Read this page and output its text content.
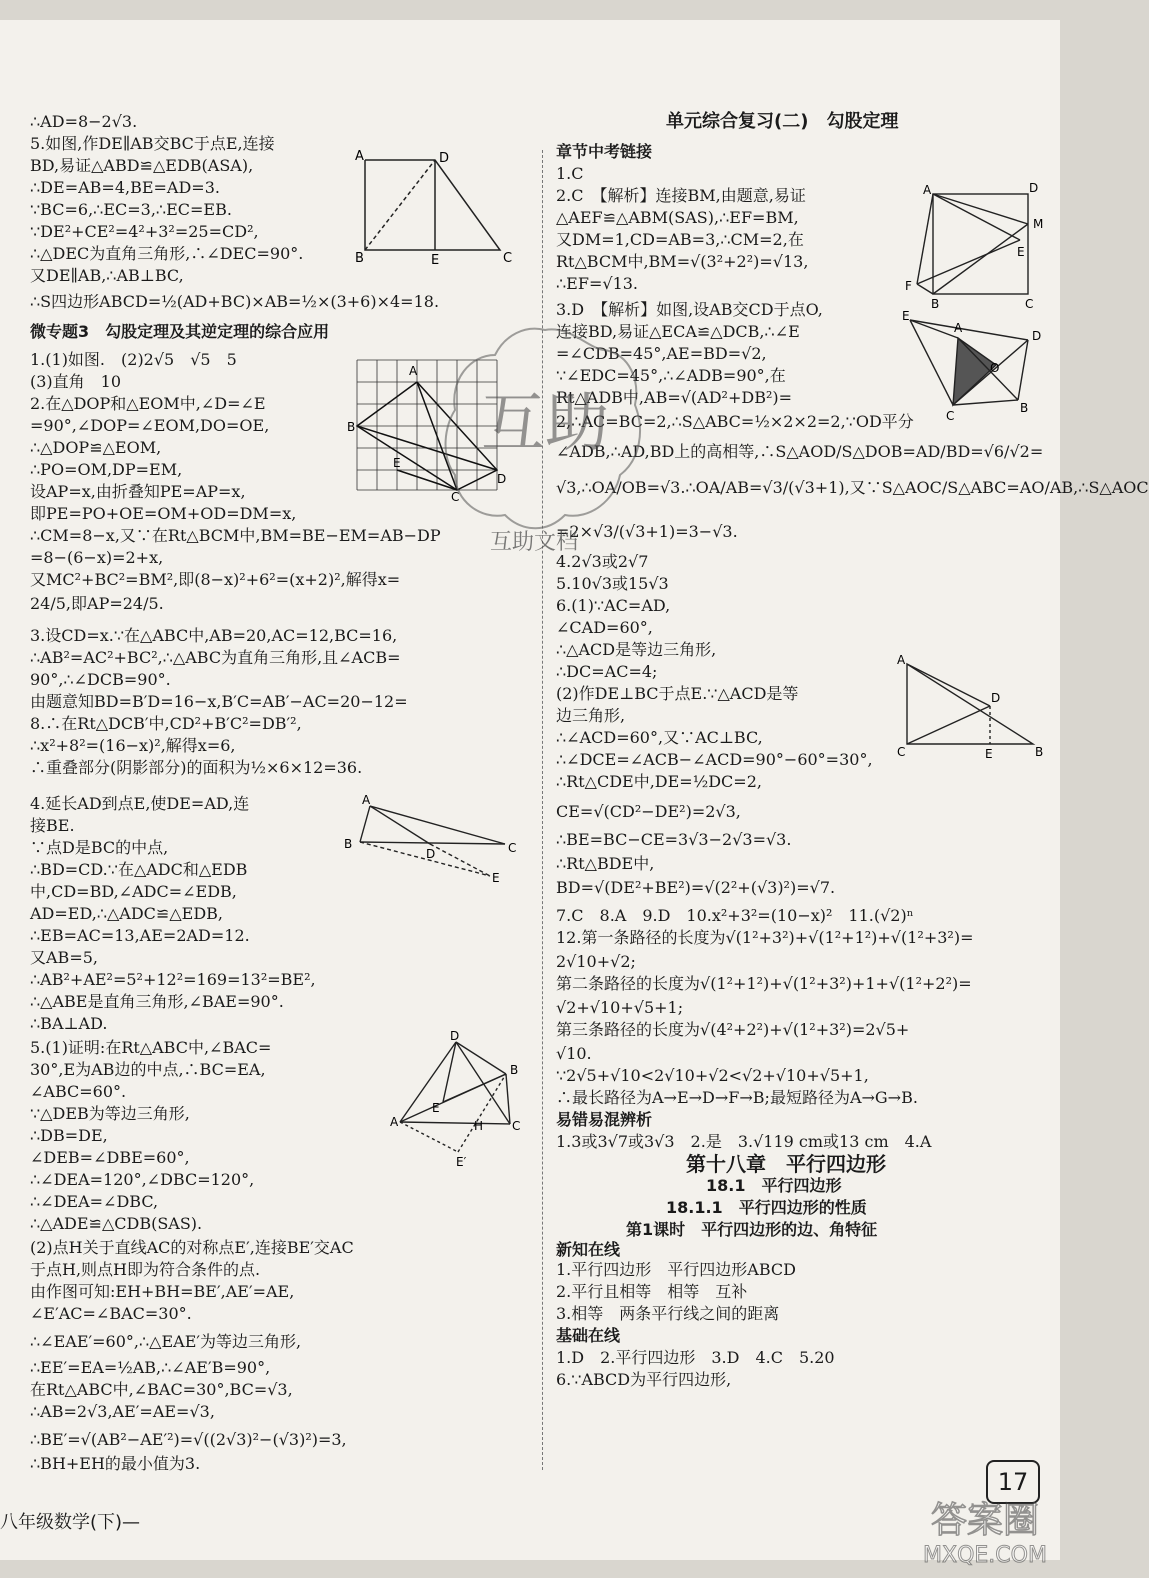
∴AD=8−2√3.
5.如图,作DE∥AB交BC于点E,连接
BD,易证△ABD≌△EDB(ASA),
∴DE=AB=4,BE=AD=3.
∵BC=6,∴EC=3,∴EC=EB.
∵DE²+CE²=4²+3²=25=CD²,
∴△DEC为直角三角形,∴∠DEC=90°.
又DE∥AB,∴AB⊥BC,
∴S四边形ABCD=½(AD+BC)×AB=½×(3+6)×4=18.
微专题3　勾股定理及其逆定理的综合应用
1.(1)如图.　(2)2√5　√5　5
(3)直角　10
2.在△DOP和△EOM中,∠D=∠E
=90°,∠DOP=∠EOM,DO=OE,
∴△DOP≌△EOM,
∴PO=OM,DP=EM,
设AP=x,由折叠知PE=AP=x,
即PE=PO+OE=OM+OD=DM=x,
∴CM=8−x,又∵在Rt△BCM中,BM=BE−EM=AB−DP
=8−(6−x)=2+x,
又MC²+BC²=BM²,即(8−x)²+6²=(x+2)²,解得x=
24/5,即AP=24/5.
3.设CD=x.∵在△ABC中,AB=20,AC=12,BC=16,
∴AB²=AC²+BC²,∴△ABC为直角三角形,且∠ACB=
90°,∴∠DCB=90°.
由题意知BD=B′D=16−x,B′C=AB′−AC=20−12=
8.∴在Rt△DCB′中,CD²+B′C²=DB′²,
∴x²+8²=(16−x)²,解得x=6,
∴重叠部分(阴影部分)的面积为½×6×12=36.
4.延长AD到点E,使DE=AD,连
接BE.
∵点D是BC的中点,
∴BD=CD.∵在△ADC和△EDB
中,CD=BD,∠ADC=∠EDB,
AD=ED,∴△ADC≌△EDB,
∴EB=AC=13,AE=2AD=12.
又AB=5,
∴AB²+AE²=5²+12²=169=13²=BE²,
∴△ABE是直角三角形,∠BAE=90°.
∴BA⊥AD.
5.(1)证明:在Rt△ABC中,∠BAC=
30°,E为AB边的中点,∴BC=EA,
∠ABC=60°.
∵△DEB为等边三角形,
∴DB=DE,
∠DEB=∠DBE=60°,
∴∠DEA=120°,∠DBC=120°,
∴∠DEA=∠DBC,
∴△ADE≌△CDB(SAS).
(2)点H关于直线AC的对称点E′,连接BE′交AC
于点H,则点H即为符合条件的点.
由作图可知:EH+BH=BE′,AE′=AE,
∠E′AC=∠BAC=30°.
∴∠EAE′=60°,∴△EAE′为等边三角形,
∴EE′=EA=½AB,∴∠AE′B=90°,
在Rt△ABC中,∠BAC=30°,BC=√3,
∴AB=2√3,AE′=AE=√3,
∴BE′=√(AB²−AE′²)=√((2√3)²−(√3)²)=3,
∴BH+EH的最小值为3.
单元综合复习(二)　勾股定理
章节中考链接
1.C
2.C　【解析】连接BM,由题意,易证
△AEF≌△ABM(SAS),∴EF=BM,
又DM=1,CD=AB=3,∴CM=2,在
Rt△BCM中,BM=√(3²+2²)=√13,
∴EF=√13.
3.D　【解析】如图,设AB交CD于点O,
连接BD,易证△ECA≌△DCB,∴∠E
=∠CDB=45°,AE=BD=√2,
∵∠EDC=45°,∴∠ADB=90°,在
Rt△ADB中,AB=√(AD²+DB²)=
2,∴AC=BC=2,∴S△ABC=½×2×2=2,∵OD平分
∠ADB,∴AD,BD上的高相等,∴S△AOD/S△DOB=AD/BD=√6/√2=
√3,∴OA/OB=√3.∴OA/AB=√3/(√3+1),又∵S△AOC/S△ABC=AO/AB,∴S△AOC
=2×√3/(√3+1)=3−√3.
4.2√3或2√7
5.10√3或15√3
6.(1)∵AC=AD,
∠CAD=60°,
∴△ACD是等边三角形,
∴DC=AC=4;
(2)作DE⊥BC于点E.∵△ACD是等
边三角形,
∴∠ACD=60°,又∵AC⊥BC,
∴∠DCE=∠ACB−∠ACD=90°−60°=30°,
∴Rt△CDE中,DE=½DC=2,
CE=√(CD²−DE²)=2√3,
∴BE=BC−CE=3√3−2√3=√3.
∴Rt△BDE中,
BD=√(DE²+BE²)=√(2²+(√3)²)=√7.
7.C　8.A　9.D　10.x²+3²=(10−x)²　11.(√2)ⁿ
12.第一条路径的长度为√(1²+3²)+√(1²+1²)+√(1²+3²)=
2√10+√2;
第二条路径的长度为√(1²+1²)+√(1²+3²)+1+√(1²+2²)=
√2+√10+√5+1;
第三条路径的长度为√(4²+2²)+√(1²+3²)=2√5+
√10.
∵2√5+√10<2√10+√2<√2+√10+√5+1,
∴最长路径为A→E→D→F→B;最短路径为A→G→B.
易错易混辨析
1.3或3√7或3√3　2.是　3.√119 cm或13 cm　4.A
第十八章　平行四边形
18.1　平行四边形
18.1.1　平行四边形的性质
第1课时　平行四边形的边、角特征
新知在线
1.平行四边形　平行四边形ABCD
2.平行且相等　相等　互补
3.相等　两条平行线之间的距离
基础在线
1.D　2.平行四边形　3.D　4.C　5.20
6.∵ABCD为平行四边形,
A	D
B	E	C
A
B
E
D
C
A	D
M
E
F
B	C
E
A
O
D
C
B
A
D	C
E
B
A
B
D
C	E
D
B
E
A	C
H
E′
互助
互助文档
八年级数学(下)—
17
答案圈
MXQE.COM
